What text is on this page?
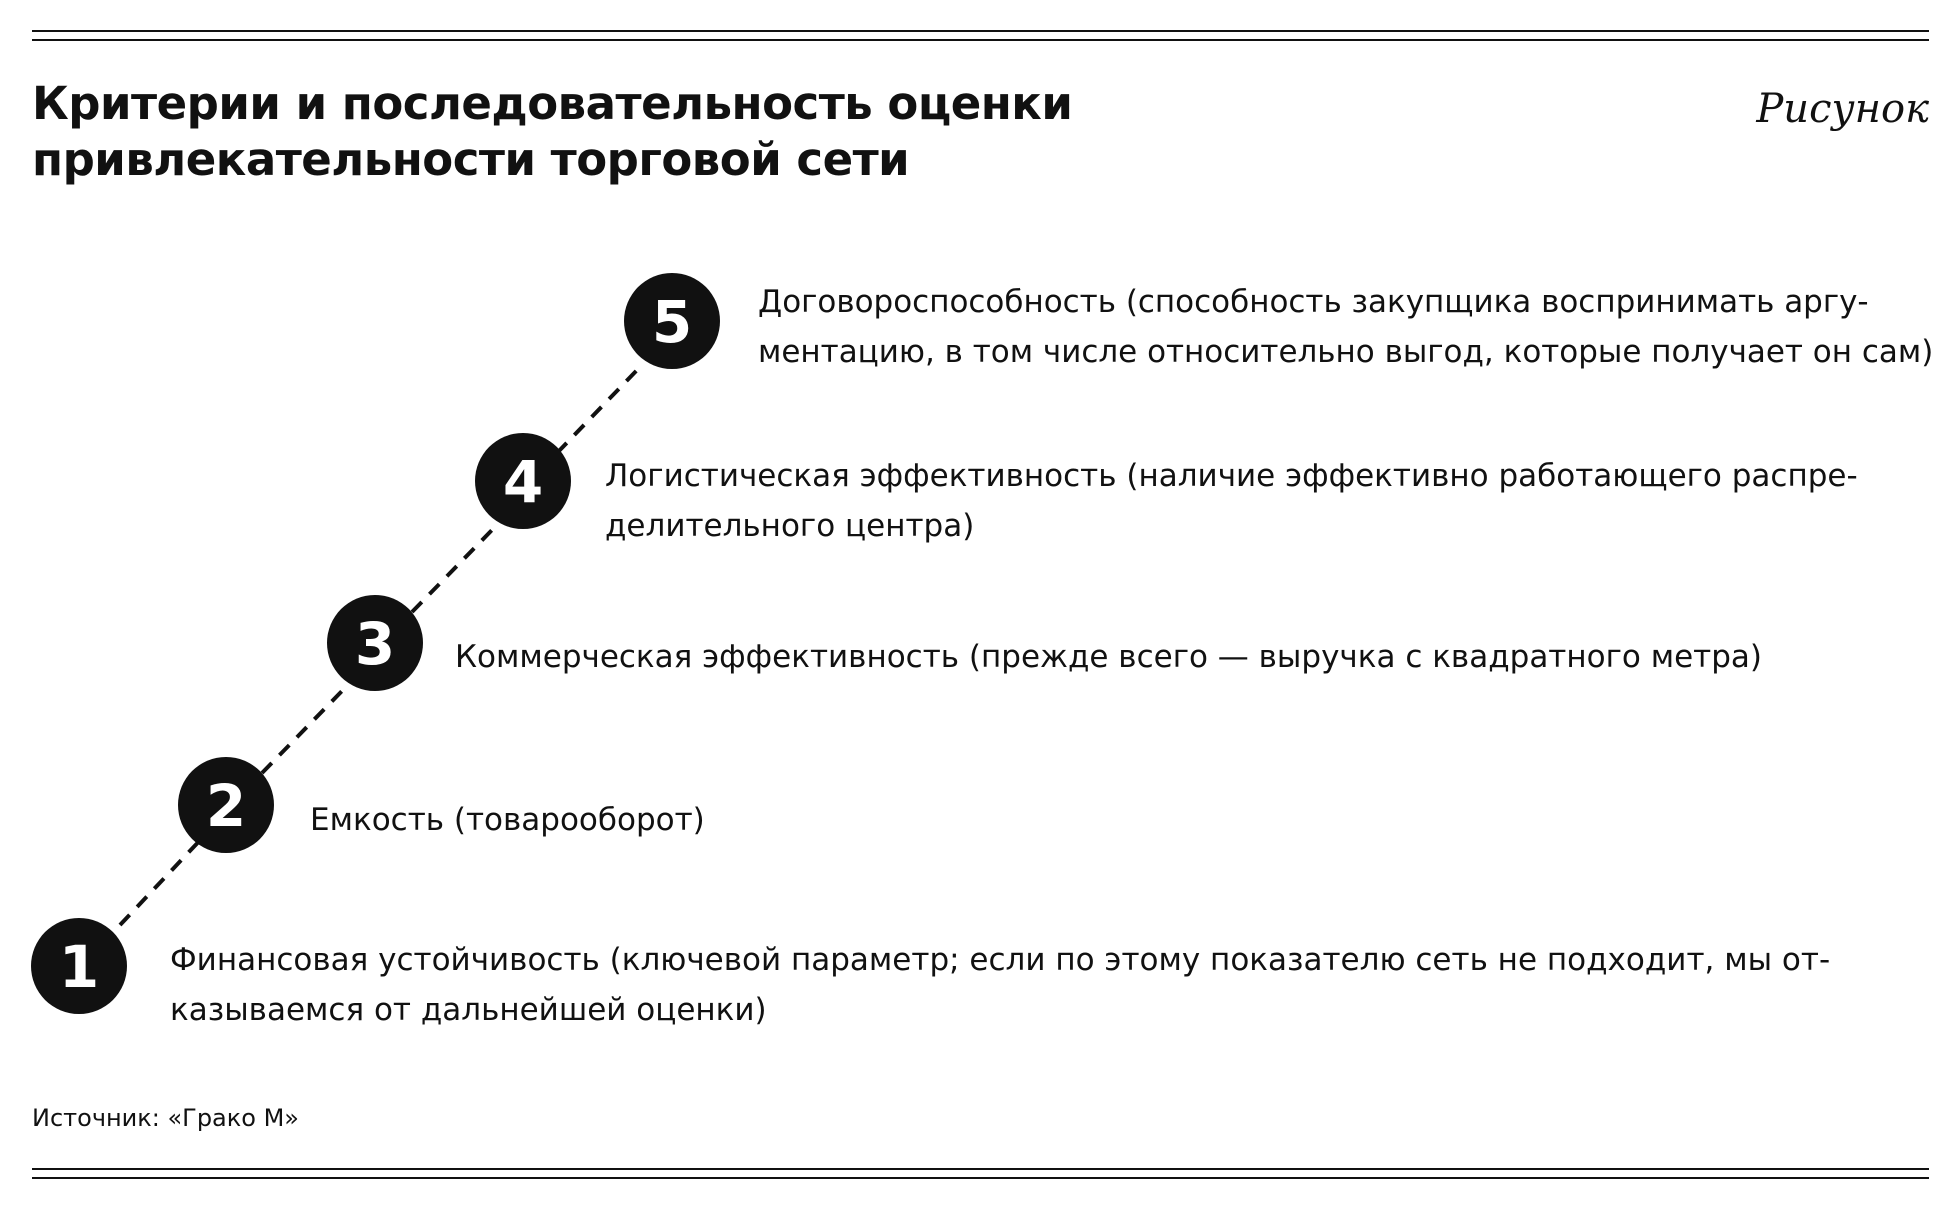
Критерии и последовательность оценки
привлекательности торговой сети
Рисунок
1
2
3
4
5 Договороспособность (способность закупщика воспринимать аргу-
ментацию, в том числе относительно выгод, которые получает он сам)
Логистическая эффективность (наличие эффективно работающего распре-
делительного центра)
Коммерческая эффективность (прежде всего — выручка с квадратного метра)
Емкость (товарооборот)
Финансовая устойчивость (ключевой параметр; если по этому показателю сеть не подходит, мы от-
казываемся от дальнейшей оценки)
Источник: «Грако М»
